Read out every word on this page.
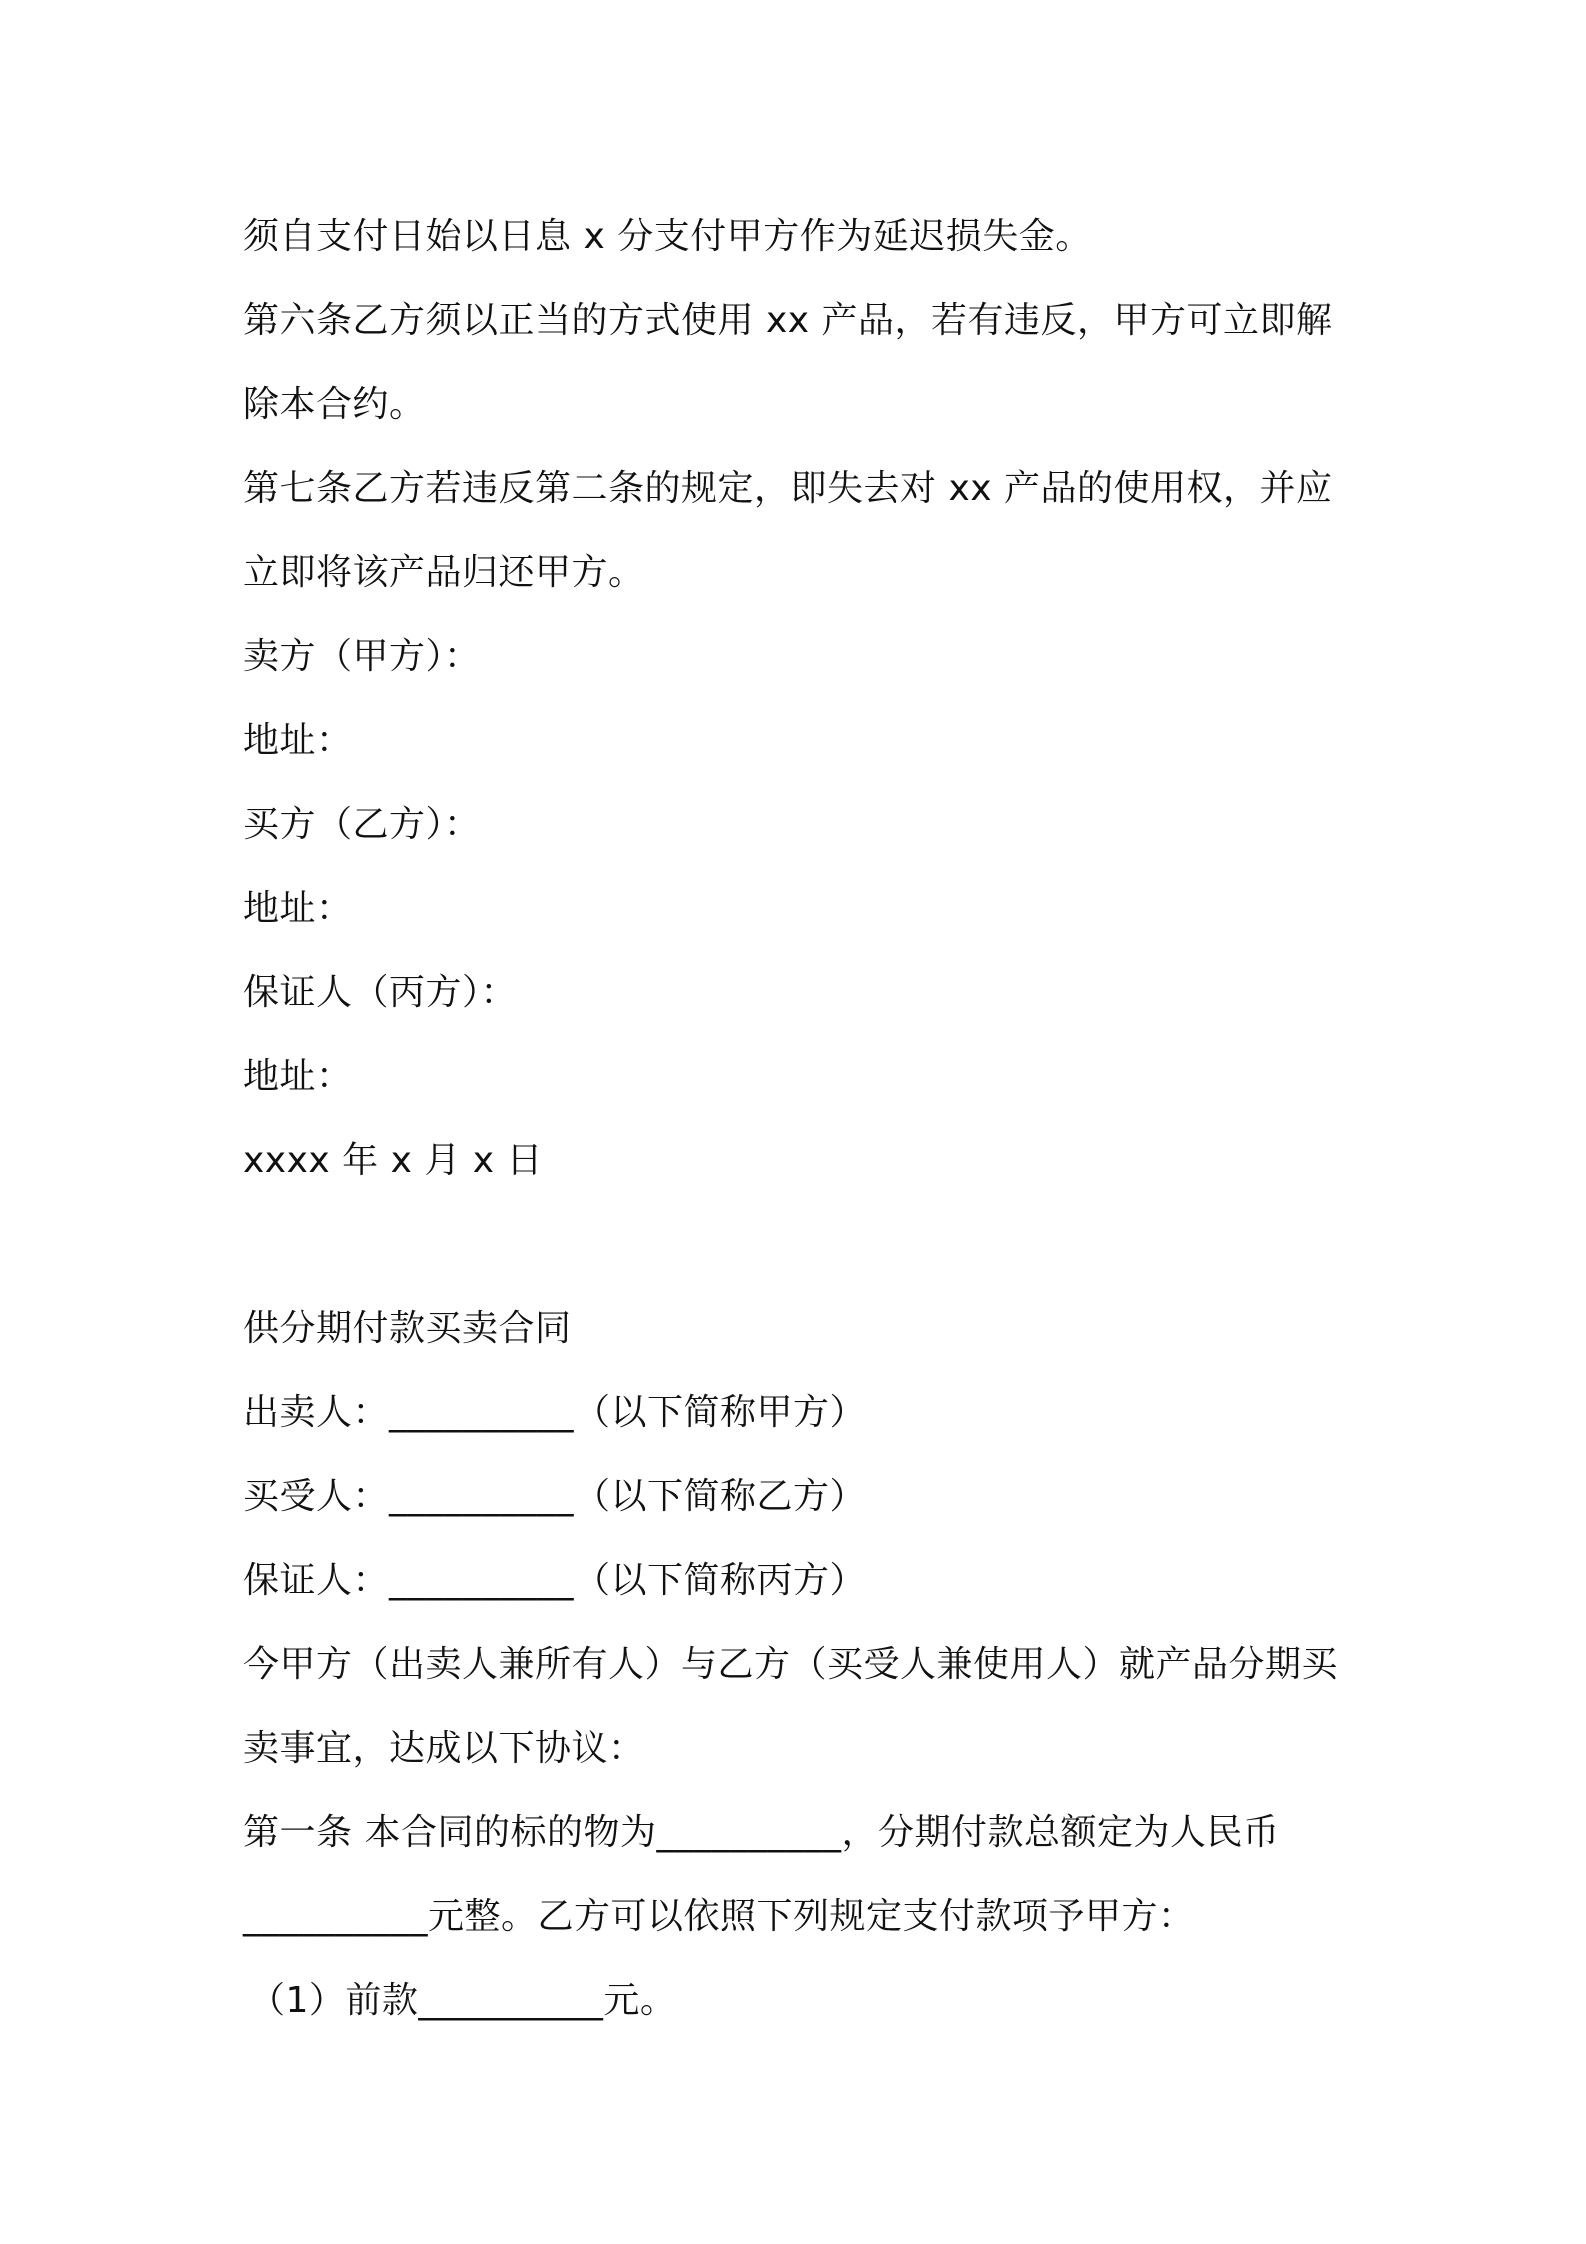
须自支付日始以日息 x 分支付甲方作为延迟损失金。
第六条乙方须以正当的方式使用 xx 产品，若有违反，甲方可立即解
除本合约。
第七条乙方若违反第二条的规定，即失去对 xx 产品的使用权，并应
立即将该产品归还甲方。
卖方（甲方）：
地址：
买方（乙方）：
地址：
保证人（丙方）：
地址：
xxxx 年 x 月 x 日
供分期付款买卖合同
出卖人：__________（以下简称甲方）
买受人：__________（以下简称乙方）
保证人：__________（以下简称丙方）
今甲方（出卖人兼所有人）与乙方（买受人兼使用人）就产品分期买
卖事宜，达成以下协议：
第一条 本合同的标的物为__________，分期付款总额定为人民币
__________元整。乙方可以依照下列规定支付款项予甲方：
（1）前款__________元。
